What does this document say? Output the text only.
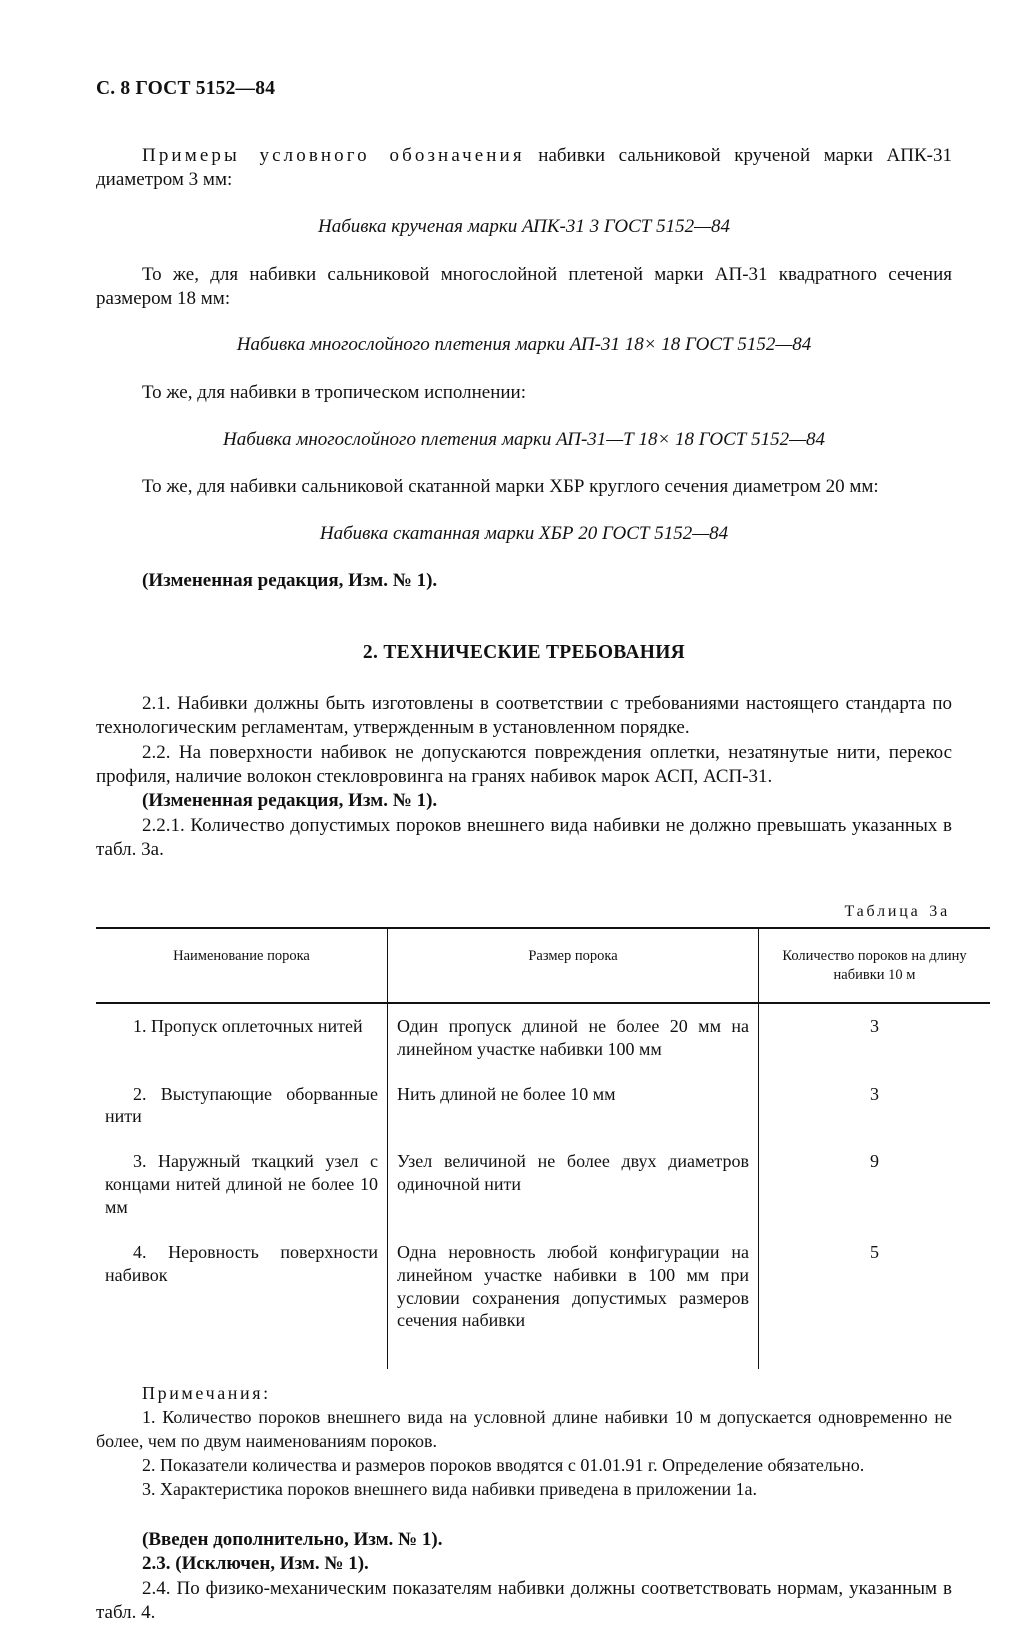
С. 8 ГОСТ 5152—84

Примеры условного обозначения набивки сальниковой крученой марки АПК-31 диаметром 3 мм:

Набивка крученая марки АПК-31 3 ГОСТ 5152—84

То же, для набивки сальниковой многослойной плетеной марки АП-31 квадратного сечения размером 18 мм:

Набивка многослойного плетения марки АП-31 18× 18 ГОСТ 5152—84

То же, для набивки в тропическом исполнении:

Набивка многослойного плетения марки АП-31—Т 18× 18 ГОСТ 5152—84

То же, для набивки сальниковой скатанной марки ХБР круглого сечения диаметром 20 мм:

Набивка скатанная марки ХБР 20 ГОСТ 5152—84

(Измененная редакция, Изм. № 1).

2. ТЕХНИЧЕСКИЕ ТРЕБОВАНИЯ

2.1. Набивки должны быть изготовлены в соответствии с требованиями настоящего стандарта по технологическим регламентам, утвержденным в установленном порядке.

2.2. На поверхности набивок не допускаются повреждения оплетки, незатянутые нити, перекос профиля, наличие волокон стекловровинга на гранях набивок марок АСП, АСП-31.

(Измененная редакция, Изм. № 1).

2.2.1. Количество допустимых пороков внешнего вида набивки не должно превышать указанных в табл. 3а.

Таблица 3а
Наименование порока	Размер порока	Количество пороков на длину набивки 10 м
1. Пропуск оплеточных нитей	Один пропуск длиной не более 20 мм на линейном участке набивки 100 мм	3
2. Выступающие оборванные нити	Нить длиной не более 10 мм	3
3. Наружный ткацкий узел с концами нитей длиной не более 10 мм	Узел величиной не более двух диаметров одиночной нити	9
4. Неровность поверхности набивок	Одна неровность любой конфигурации на линейном участке набивки в 100 мм при условии сохранения допустимых размеров сечения набивки	5

Примечания:

1. Количество пороков внешнего вида на условной длине набивки 10 м допускается одновременно не более, чем по двум наименованиям пороков.

2. Показатели количества и размеров пороков вводятся с 01.01.91 г. Определение обязательно.

3. Характеристика пороков внешнего вида набивки приведена в приложении 1а.

(Введен дополнительно, Изм. № 1).

2.3. (Исключен, Изм. № 1).

2.4. По физико-механическим показателям набивки должны соответствовать нормам, указанным в табл. 4.
